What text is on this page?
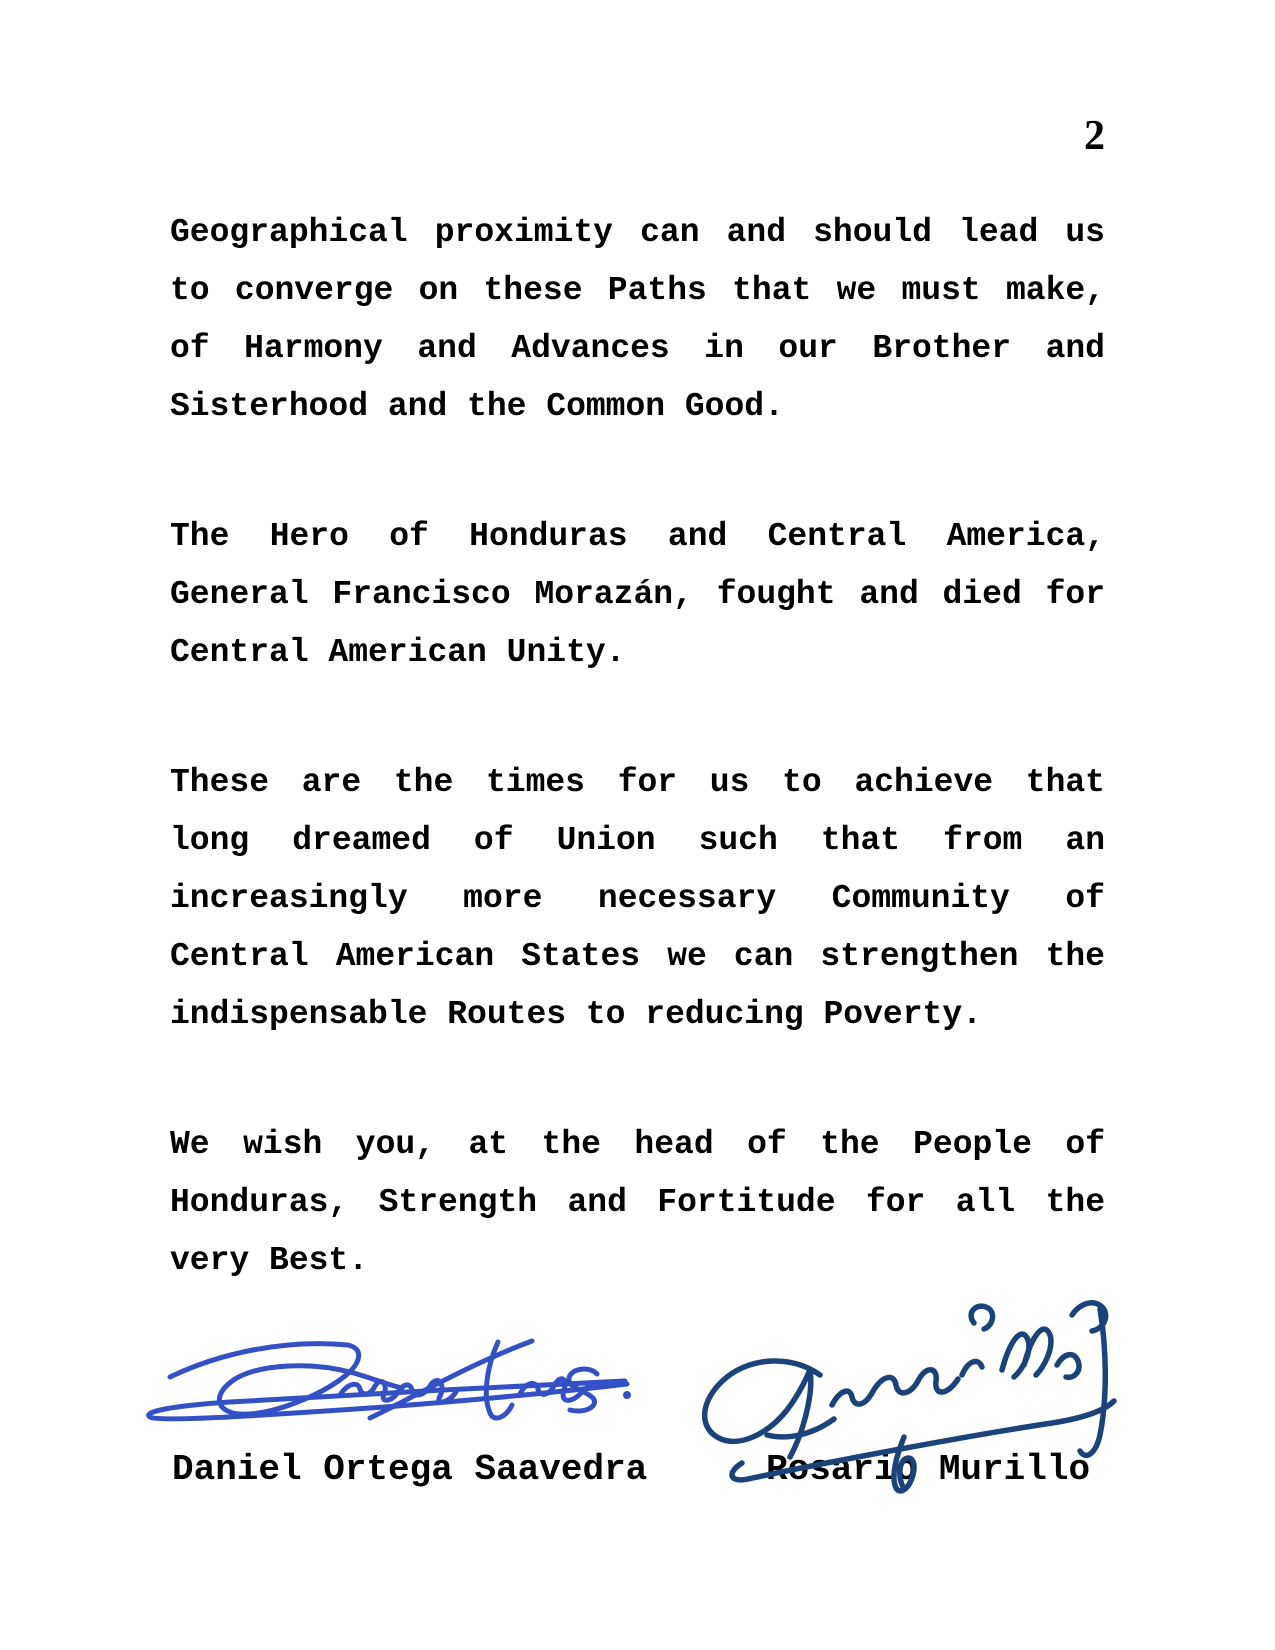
2
Geographical proximity can and should lead us
to converge on these Paths that we must make,
of Harmony and Advances in our Brother and
Sisterhood and the Common Good.
The Hero of Honduras and Central America,
General Francisco Morazán, fought and died for
Central American Unity.
These are the times for us to achieve that
long dreamed of Union such that from an
increasingly more necessary Community of
Central American States we can strengthen the
indispensable Routes to reducing Poverty.
We wish you, at the head of the People of
Honduras, Strength and Fortitude for all the
very Best.
Daniel Ortega Saavedra	Rosario Murillo
